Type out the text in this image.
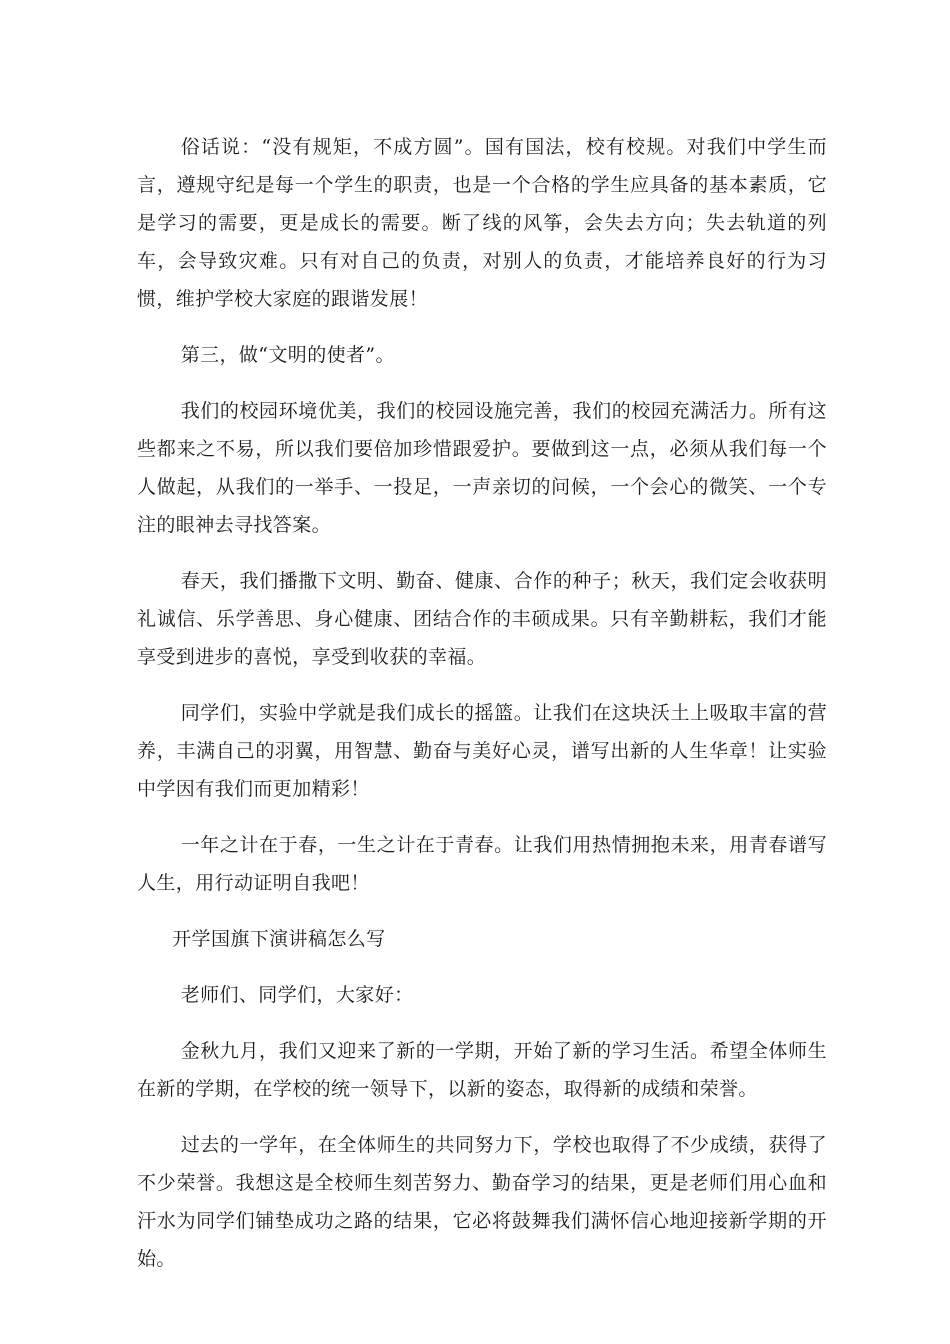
俗话说：“没有规矩，不成方圆”。国有国法，校有校规。对我们中学生而言，遵规守纪是每一个学生的职责，也是一个合格的学生应具备的基本素质，它是学习的需要，更是成长的需要。断了线的风筝，会失去方向；失去轨道的列车，会导致灾难。只有对自己的负责，对别人的负责，才能培养良好的行为习惯，维护学校大家庭的跟谐发展！

第三，做“文明的使者”。

我们的校园环境优美，我们的校园设施完善，我们的校园充满活力。所有这些都来之不易，所以我们要倍加珍惜跟爱护。要做到这一点，必须从我们每一个人做起，从我们的一举手、一投足，一声亲切的问候，一个会心的微笑、一个专注的眼神去寻找答案。

春天，我们播撒下文明、勤奋、健康、合作的种子；秋天，我们定会收获明礼诚信、乐学善思、身心健康、团结合作的丰硕成果。只有辛勤耕耘，我们才能享受到进步的喜悦，享受到收获的幸福。

同学们，实验中学就是我们成长的摇篮。让我们在这块沃土上吸取丰富的营养，丰满自己的羽翼，用智慧、勤奋与美好心灵，谱写出新的人生华章！让实验中学因有我们而更加精彩！

一年之计在于春，一生之计在于青春。让我们用热情拥抱未来，用青春谱写人生，用行动证明自我吧！

开学国旗下演讲稿怎么写

老师们、同学们，大家好：

金秋九月，我们又迎来了新的一学期，开始了新的学习生活。希望全体师生在新的学期，在学校的统一领导下，以新的姿态，取得新的成绩和荣誉。

过去的一学年，在全体师生的共同努力下，学校也取得了不少成绩，获得了不少荣誉。我想这是全校师生刻苦努力、勤奋学习的结果，更是老师们用心血和汗水为同学们铺垫成功之路的结果，它必将鼓舞我们满怀信心地迎接新学期的开始。
